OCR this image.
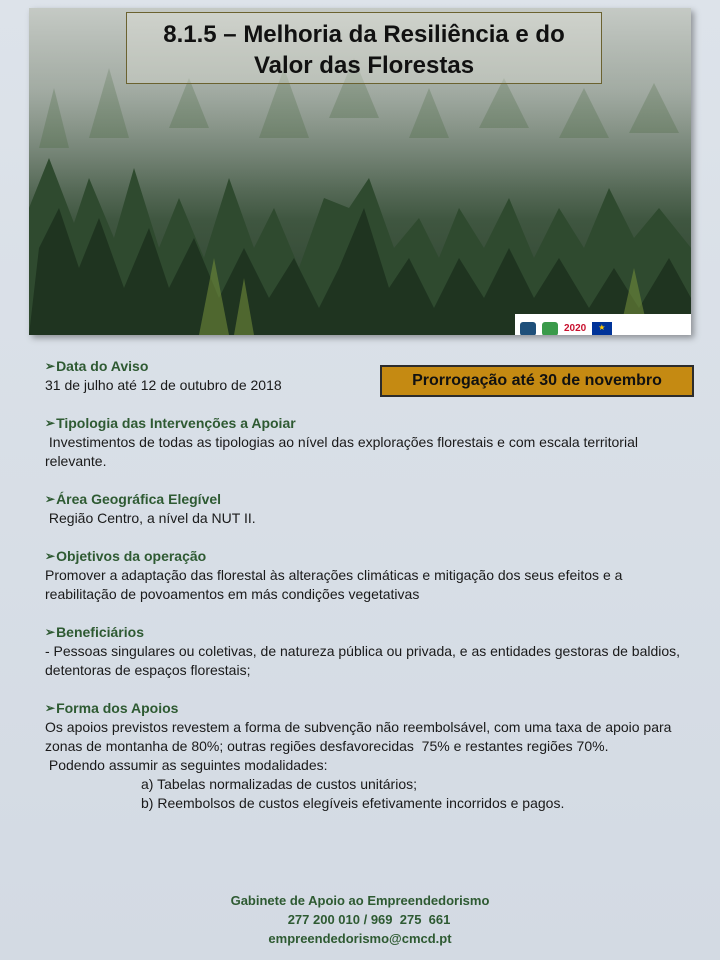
2020
★
8.1.5 – Melhoria da Resiliência e do
Valor das Florestas
Prorrogação até 30 de novembro
➢ Data do Aviso
31 de julho até 12 de outubro de 2018
➢ Tipologia das Intervenções a Apoiar
Investimentos de todas as tipologias ao nível das explorações florestais e com escala territorial relevante.
➢ Área Geográfica Elegível
Região Centro, a nível da NUT II.
➢ Objetivos da operação
Promover a adaptação das florestal às alterações climáticas e mitigação dos seus efeitos e a reabilitação de povoamentos em más condições vegetativas
➢ Beneficiários
- Pessoas singulares ou coletivas, de natureza pública ou privada, e as entidades gestoras de baldios, detentoras de espaços florestais;
➢ Forma dos Apoios
Os apoios previstos revestem a forma de subvenção não reembolsável, com uma taxa de apoio para zonas de montanha de 80%; outras regiões desfavorecidas  75% e restantes regiões 70%.
Podendo assumir as seguintes modalidades:
a) Tabelas normalizadas de custos unitários;
b) Reembolsos de custos elegíveis efetivamente incorridos e pagos.
Gabinete de Apoio ao Empreendedorismo
277 200 010 / 969  275  661
empreendedorismo@cmcd.pt
